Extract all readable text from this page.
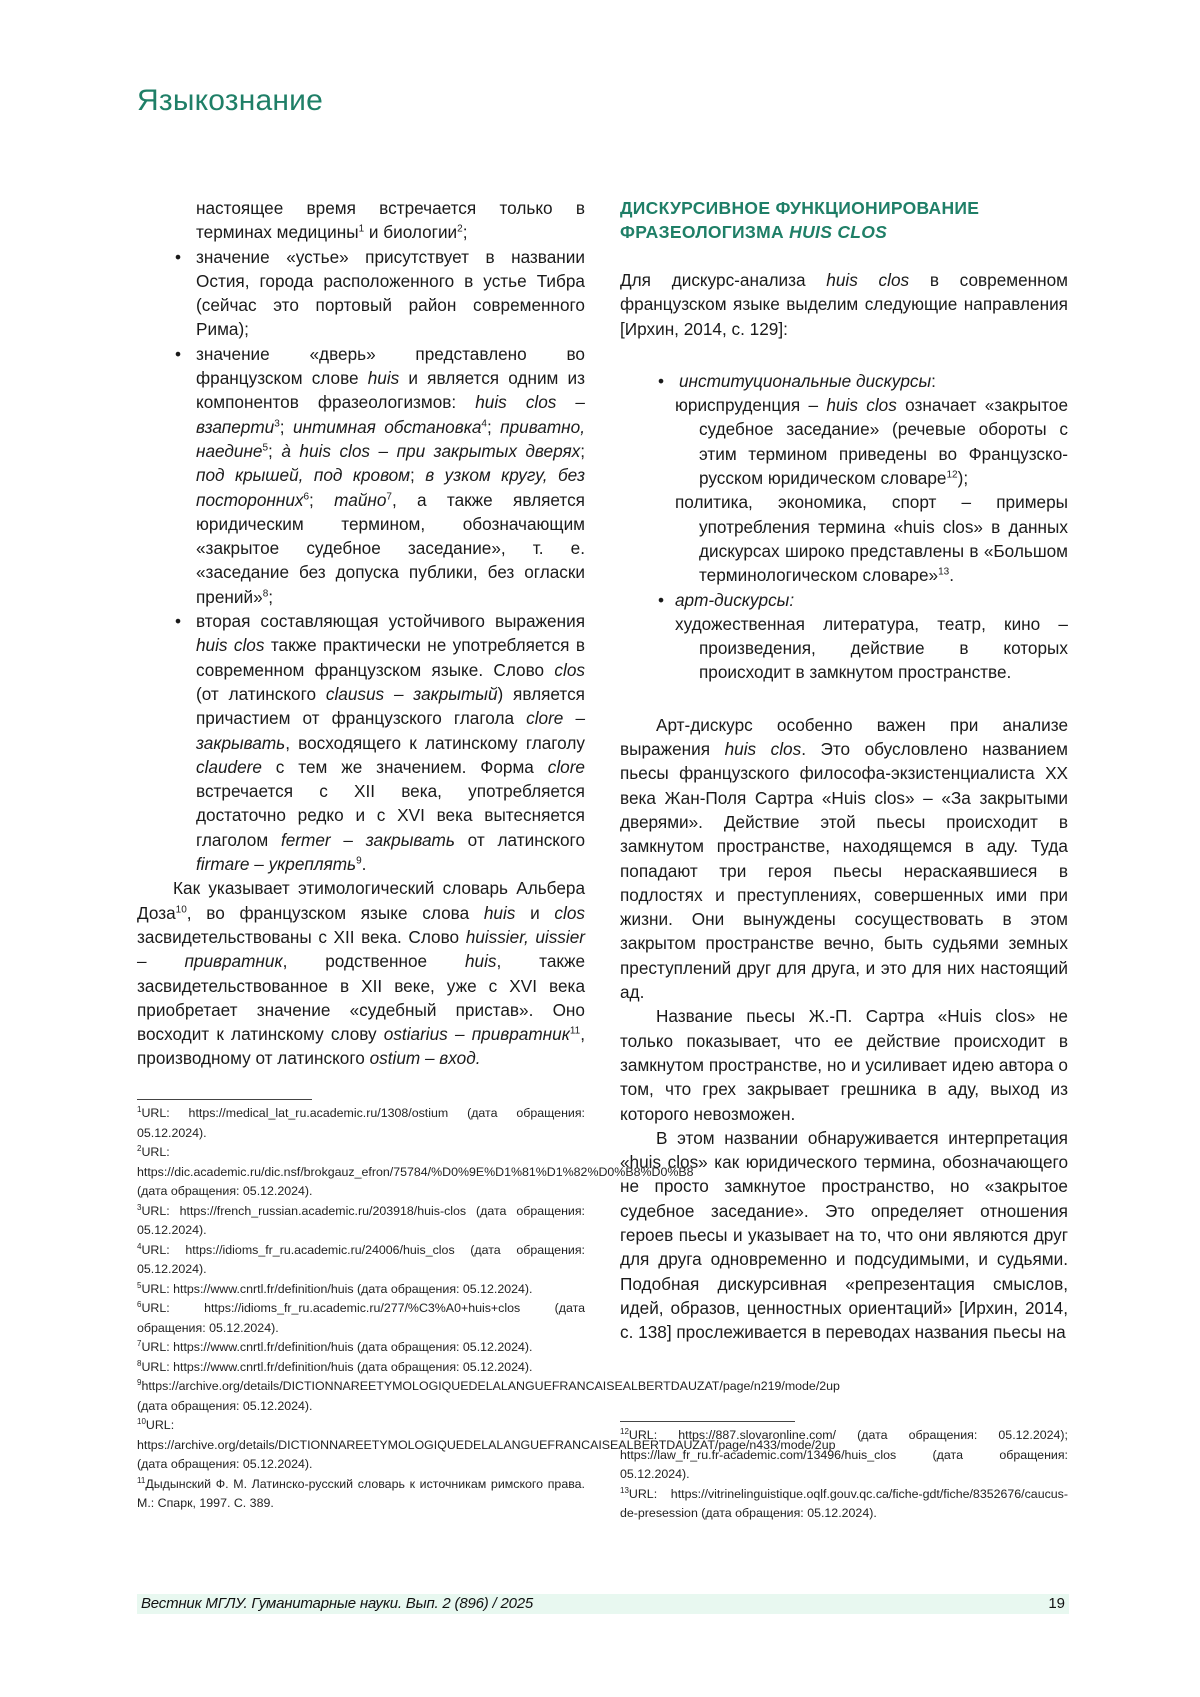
Языкознание

настоящее время встречается только в терминах медицины$^1$ и биологии$^2$;

• значение «устье» присутствует в названии Остия, города расположенного в устье Тибра (сейчас это портовый район современного Рима);
• значение «дверь» представлено во французском слове huis и является одним из компонентов фразеологизмов: huis clos – взаперти$^3$; интимная обстановка$^4$; приватно, наедине$^5$; à huis clos – при закрытых дверях; под крышей, под кровом; в узком кругу, без посторонних$^6$; тайно$^7$, а также является юридическим термином, обозначающим «закрытое судебное заседание», т. е. «заседание без допуска публики, без огласки прений»$^8$;
• вторая составляющая устойчивого выражения huis clos также практически не употребляется в современном французском языке. Слово clos (от латинского clausus – закрытый) является причастием от французского глагола clore – закрывать, восходящего к латинскому глаголу claudere с тем же значением. Форма clore встречается с XII века, употребляется достаточно редко и с XVI века вытесняется глаголом fermer – закрывать от латинского firmare – укреплять$^9$.

Как указывает этимологический словарь Альбера Доза$^{10}$, во французском языке слова huis и clos засвидетельствованы с XII века. Слово huissier, uissier – привратник, родственное huis, также засвидетельствованное в XII веке, уже с XVI века приобретает значение «судебный пристав». Оно восходит к латинскому слову ostiarius – привратник$^{11}$, производному от латинского ostium – вход.

ДИСКУРСИВНОЕ ФУНКЦИОНИРОВАНИЕ
ФРАЗЕОЛОГИЗМА HUIS CLOS

Для дискурс-анализа huis clos в современном французском языке выделим следующие направления [Ирхин, 2014, с. 129]:

• институциональные дискурсы:

юриспруденция – huis clos означает «закрытое судебное заседание» (речевые обороты с этим термином приведены во Французско-русском юридическом словаре$^{12}$);

политика, экономика, спорт – примеры употребления термина «huis clos» в данных дискурсах широко представлены в «Большом терминологическом словаре»$^{13}$.

• арт-дискурсы:

художественная литература, театр, кино – произведения, действие в которых происходит в замкнутом пространстве.

Арт-дискурс особенно важен при анализе выражения huis clos. Это обусловлено названием пьесы французского философа-экзистенциалиста XX века Жан-Поля Сартра «Huis clos» – «За закрытыми дверями». Действие этой пьесы происходит в замкнутом пространстве, находящемся в аду. Туда попадают три героя пьесы нераскаявшиеся в подлостях и преступлениях, совершенных ими при жизни. Они вынуждены сосуществовать в этом закрытом пространстве вечно, быть судьями земных преступлений друг для друга, и это для них настоящий ад.

Название пьесы Ж.-П. Сартра «Huis clos» не только показывает, что ее действие происходит в замкнутом пространстве, но и усиливает идею автора о том, что грех закрывает грешника в аду, выход из которого невозможен.

В этом названии обнаруживается интерпретация «huis clos» как юридического термина, обозначающего не просто замкнутое пространство, но «закрытое судебное заседание». Это определяет отношения героев пьесы и указывает на то, что они являются друг для друга одновременно и подсудимыми, и судьями. Подобная дискурсивная «репрезентация смыслов, идей, образов, ценностных ориентаций» [Ирхин, 2014, с. 138] прослеживается в переводах названия пьесы на

$^1$URL: https://medical_lat_ru.academic.ru/1308/ostium (дата обращения: 05.12.2024).

$^2$URL: https://dic.academic.ru/dic.nsf/brokgauz_efron/75784/%D0%9E%D1%81%D1%82%D0%B8%D0%B8 (дата обращения: 05.12.2024).

$^3$URL: https://french_russian.academic.ru/203918/huis-clos (дата обращения: 05.12.2024).

$^4$URL: https://idioms_fr_ru.academic.ru/24006/huis_clos (дата обращения: 05.12.2024).

$^5$URL: https://www.cnrtl.fr/definition/huis (дата обращения: 05.12.2024).

$^6$URL: https://idioms_fr_ru.academic.ru/277/%C3%A0+huis+clos (дата обращения: 05.12.2024).

$^7$URL: https://www.cnrtl.fr/definition/huis (дата обращения: 05.12.2024).

$^8$URL: https://www.cnrtl.fr/definition/huis (дата обращения: 05.12.2024).

$^9$https://archive.org/details/DICTIONNAREETYMOLOGIQUEDELALANGUEFRANCAISEALBERTDAUZAT/page/n219/mode/2up (дата обращения: 05.12.2024).

$^{10}$URL: https://archive.org/details/DICTIONNAREETYMOLOGIQUEDELALANGUEFRANCAISEALBERTDAUZAT/page/n433/mode/2up (дата обращения: 05.12.2024).

$^{11}$Дыдынский Ф. М. Латинско-русский словарь к источникам римского права. М.: Спарк, 1997. С. 389.

$^{12}$URL: https://887.slovaronline.com/ (дата обращения: 05.12.2024); https://law_fr_ru.fr-academic.com/13496/huis_clos (дата обращения: 05.12.2024).

$^{13}$URL: https://vitrinelinguistique.oqlf.gouv.qc.ca/fiche-gdt/fiche/8352676/caucus-de-presession (дата обращения: 05.12.2024).

Вестник МГЛУ. Гуманитарные науки. Вып. 2 (896) / 2025	19
